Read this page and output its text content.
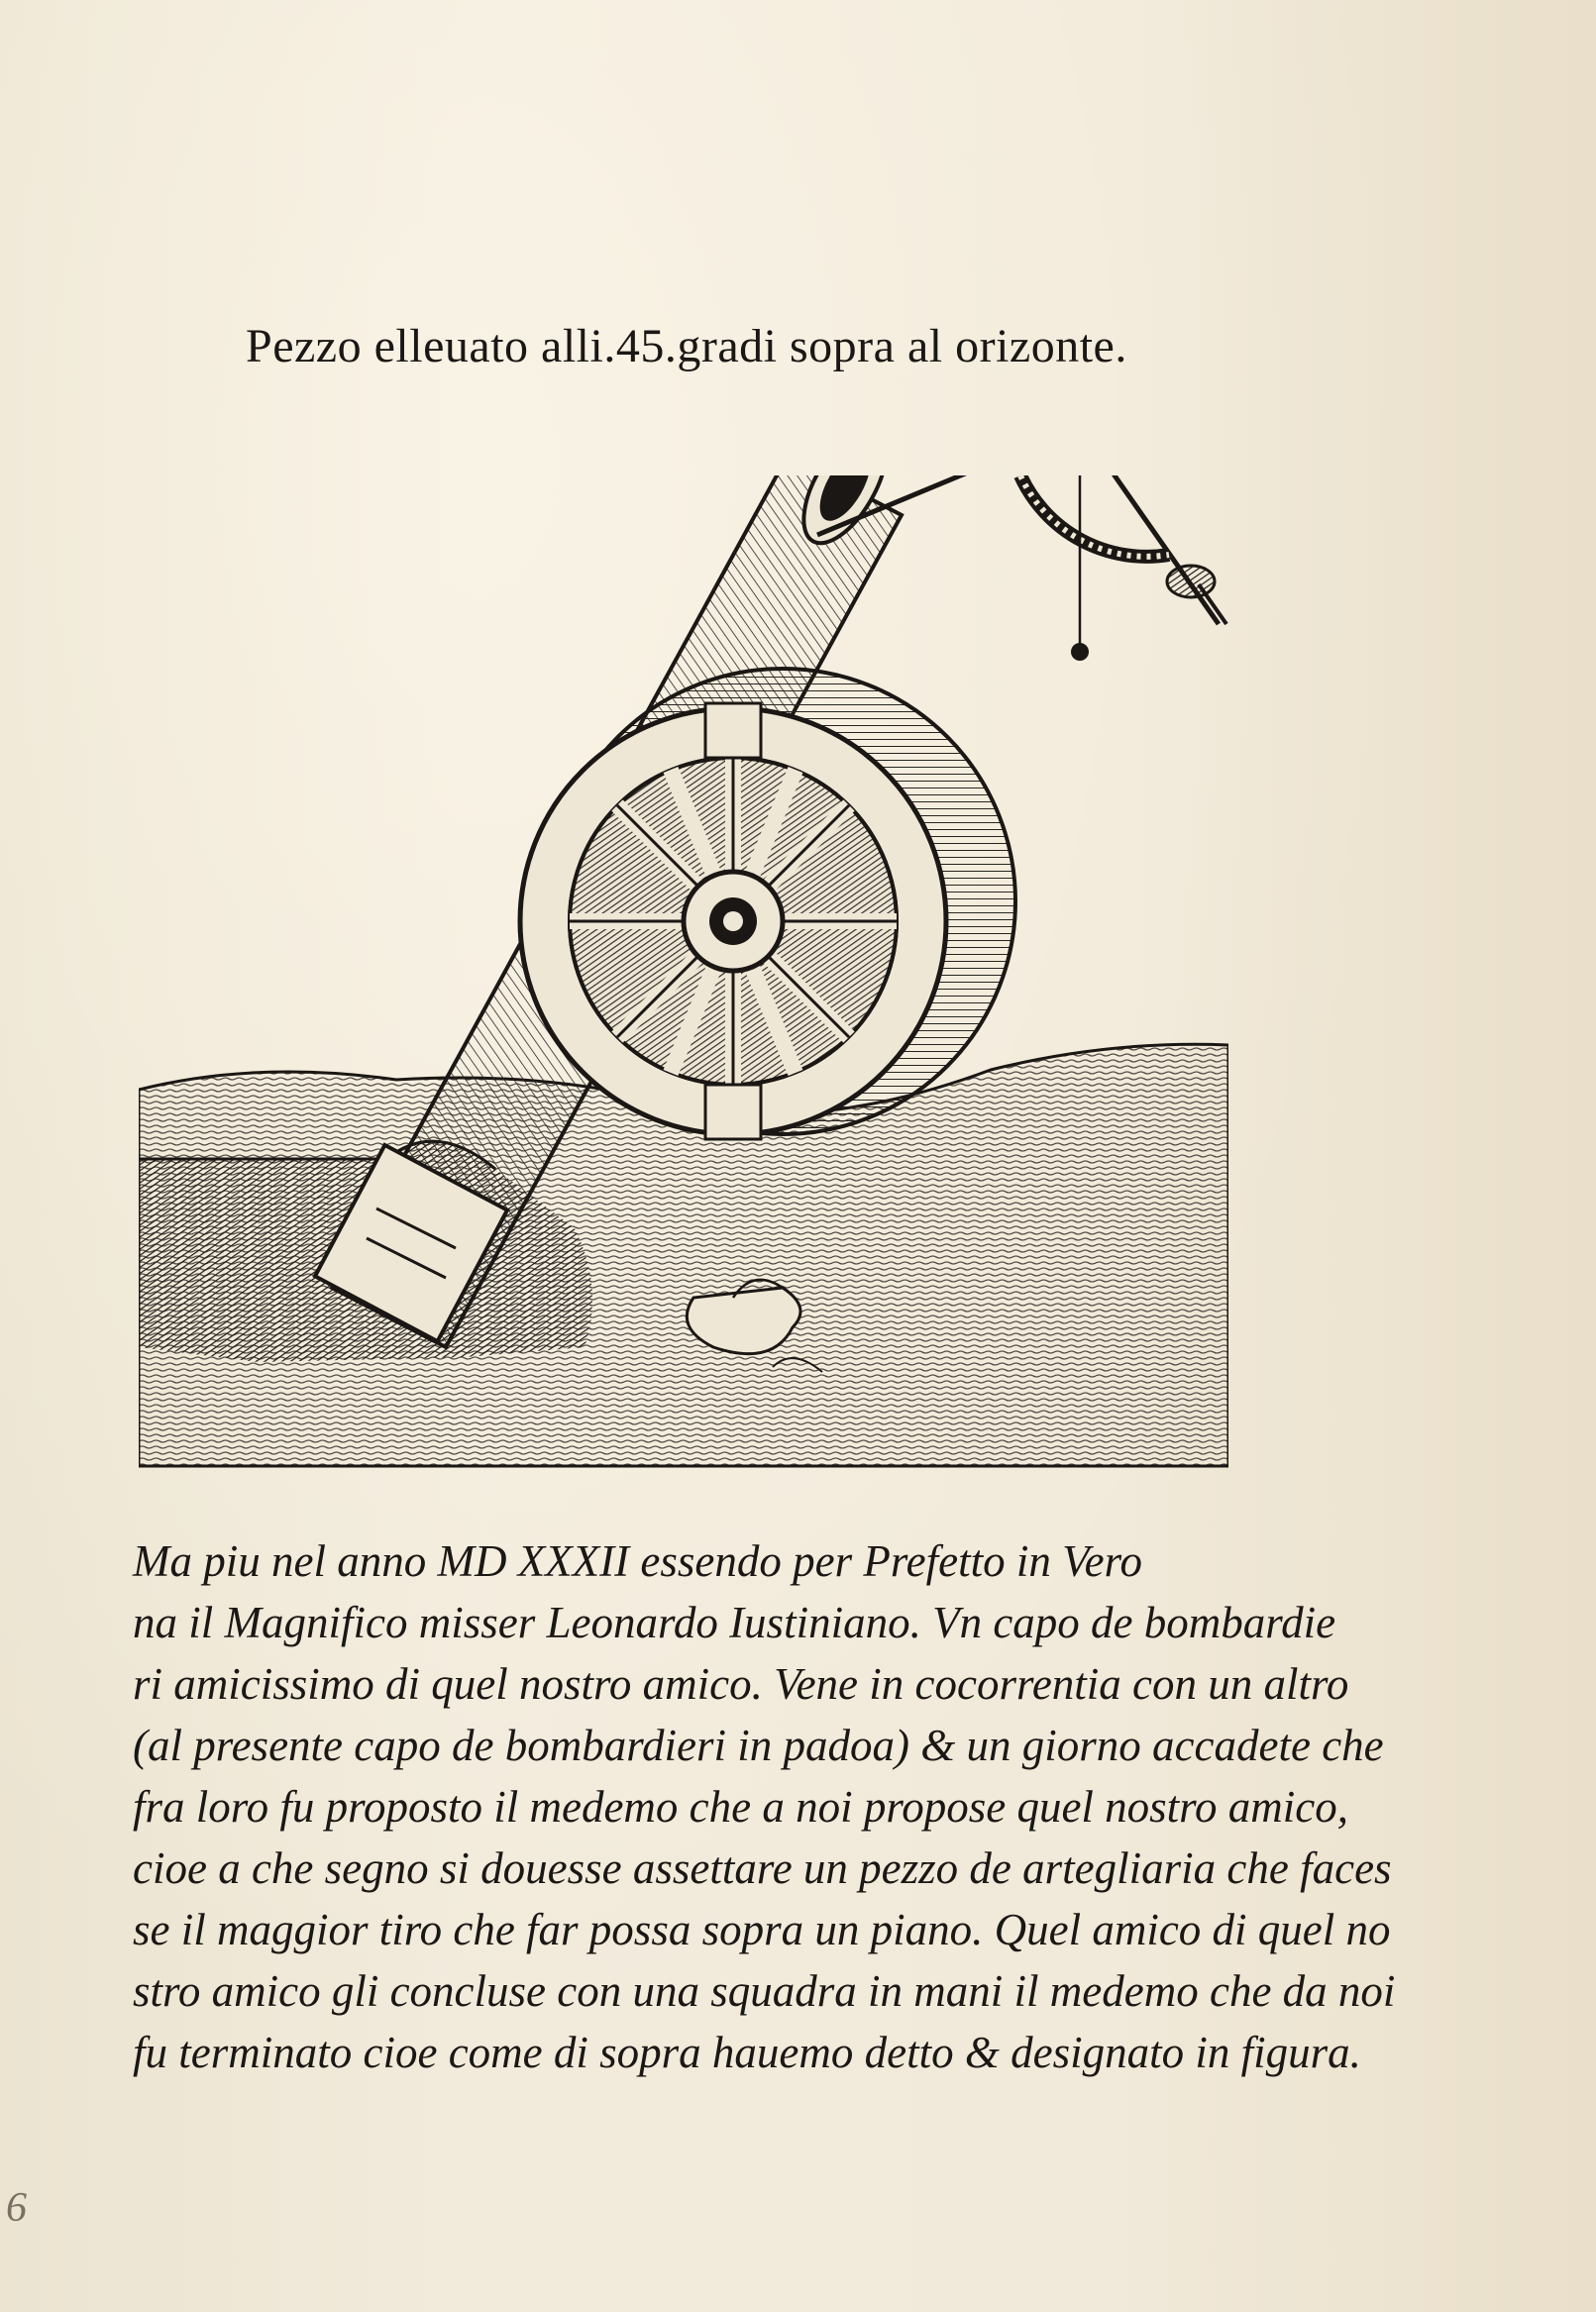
Pezzo elleuato alli.45.gradi sopra al orizonte.
Ma piu nel anno MD XXXII essendo per Prefetto in Vero
na il Magnifico misser Leonardo Iustiniano. Vn capo de bombardie
ri amicissimo di quel nostro amico. Vene in cocorrentia con un altro
(al presente capo de bombardieri in padoa) & un giorno accadete che
fra loro fu proposto il medemo che a noi propose quel nostro amico,
cioe a che segno si douesse assettare un pezzo de artegliaria che faces
se il maggior tiro che far possa sopra un piano. Quel amico di quel no
stro amico gli concluse con una squadra in mani il medemo che da noi
fu terminato cioe come di sopra hauemo detto & designato in figura.
6
